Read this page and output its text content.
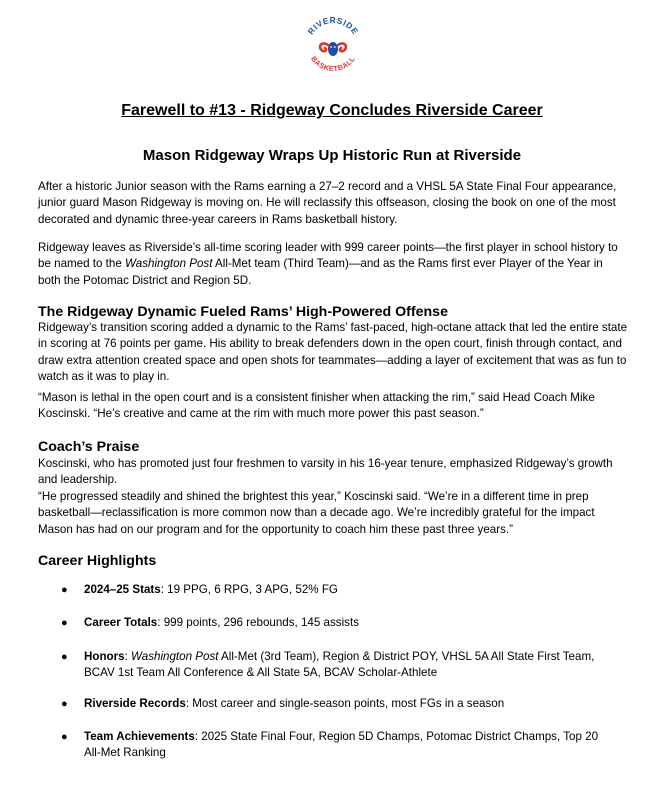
RIVERSIDE
BASKETBALL
Farewell to #13 - Ridgeway Concludes Riverside Career
Mason Ridgeway Wraps Up Historic Run at Riverside

After a historic Junior season with the Rams earning a 27–2 record and a VHSL 5A State Final Four appearance, junior guard Mason Ridgeway is moving on. He will reclassify this offseason, closing the book on one of the most decorated and dynamic three-year careers in Rams basketball history.

Ridgeway leaves as Riverside’s all-time scoring leader with 999 career points—the first player in school history to be named to the Washington Post All-Met team (Third Team)—and as the Rams first ever Player of the Year in both the Potomac District and Region 5D.

The Ridgeway Dynamic Fueled Rams’ High-Powered Offense

Ridgeway’s transition scoring added a dynamic to the Rams’ fast-paced, high-octane attack that led the entire state in scoring at 76 points per game. His ability to break defenders down in the open court, finish through contact, and draw extra attention created space and open shots for teammates—adding a layer of excitement that was as fun to watch as it was to play in.

“Mason is lethal in the open court and is a consistent finisher when attacking the rim,” said Head Coach Mike Koscinski. “He’s creative and came at the rim with much more power this past season.”

Coach’s Praise

Koscinski, who has promoted just four freshmen to varsity in his 16-year tenure, emphasized Ridgeway’s growth and leadership.

“He progressed steadily and shined the brightest this year,” Koscinski said. “We’re in a different time in prep basketball—reclassification is more common now than a decade ago. We’re incredibly grateful for the impact Mason has had on our program and for the opportunity to coach him these past three years.”

Career Highlights
● 2024–25 Stats: 19 PPG, 6 RPG, 3 APG, 52% FG
● Career Totals: 999 points, 296 rebounds, 145 assists
● Honors: Washington Post All-Met (3rd Team), Region & District POY, VHSL 5A All State First Team, BCAV 1st Team All Conference & All State 5A, BCAV Scholar-Athlete
● Riverside Records: Most career and single-season points, most FGs in a season
● Team Achievements: 2025 State Final Four, Region 5D Champs, Potomac District Champs, Top 20 All-Met Ranking
